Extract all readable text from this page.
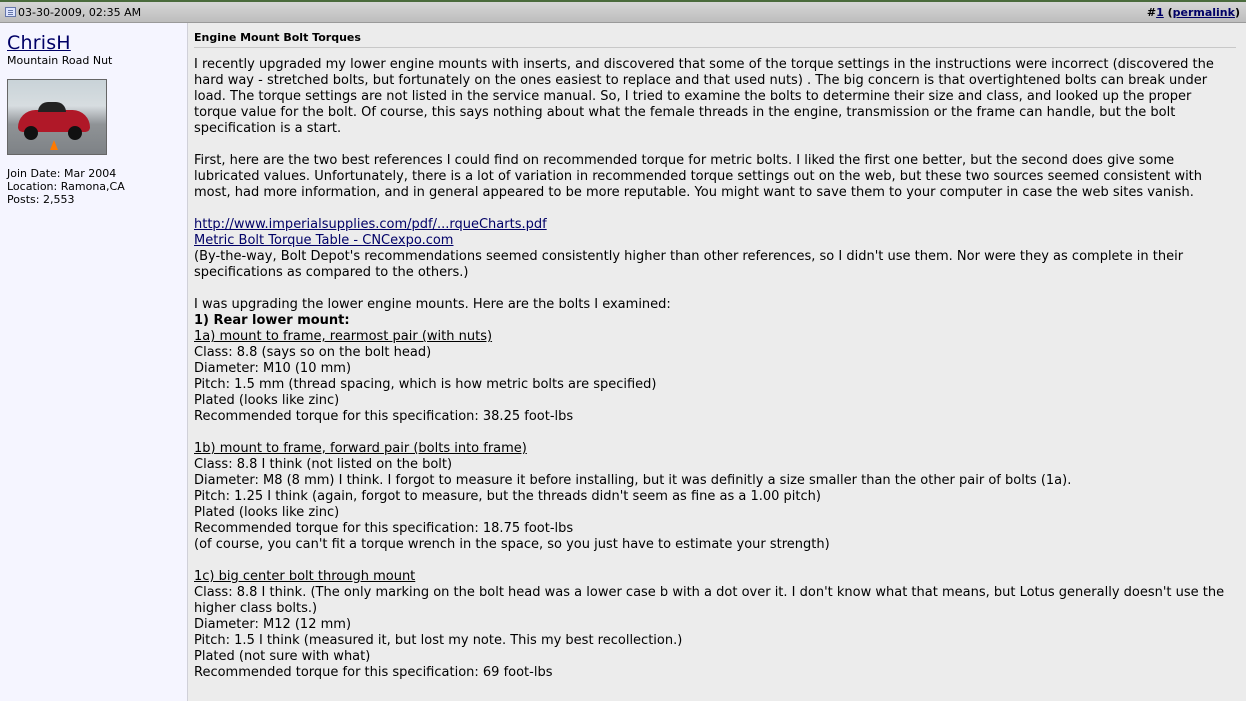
03-30-2009, 02:35 AM	#1 (permalink)
ChrisH
Mountain Road Nut
Join Date: Mar 2004
Location: Ramona,CA
Posts: 2,553
Engine Mount Bolt Torques
I recently upgraded my lower engine mounts with inserts, and discovered that some of the torque settings in the instructions were incorrect (discovered the hard way - stretched bolts, but fortunately on the ones easiest to replace and that used nuts) . The big concern is that overtightened bolts can break under load. The torque settings are not listed in the service manual. So, I tried to examine the bolts to determine their size and class, and looked up the proper torque value for the bolt. Of course, this says nothing about what the female threads in the engine, transmission or the frame can handle, but the bolt specification is a start.
First, here are the two best references I could find on recommended torque for metric bolts. I liked the first one better, but the second does give some lubricated values. Unfortunately, there is a lot of variation in recommended torque settings out on the web, but these two sources seemed consistent with most, had more information, and in general appeared to be more reputable. You might want to save them to your computer in case the web sites vanish.
http://www.imperialsupplies.com/pdf/...rqueCharts.pdf
Metric Bolt Torque Table - CNCexpo.com
(By-the-way, Bolt Depot's recommendations seemed consistently higher than other references, so I didn't use them. Nor were they as complete in their specifications as compared to the others.)
I was upgrading the lower engine mounts. Here are the bolts I examined:
1) Rear lower mount:
1a) mount to frame, rearmost pair (with nuts)
Class: 8.8 (says so on the bolt head)
Diameter: M10 (10 mm)
Pitch: 1.5 mm (thread spacing, which is how metric bolts are specified)
Plated (looks like zinc)
Recommended torque for this specification: 38.25 foot-lbs
1b) mount to frame, forward pair (bolts into frame)
Class: 8.8 I think (not listed on the bolt)
Diameter: M8 (8 mm) I think. I forgot to measure it before installing, but it was definitly a size smaller than the other pair of bolts (1a).
Pitch: 1.25 I think (again, forgot to measure, but the threads didn't seem as fine as a 1.00 pitch)
Plated (looks like zinc)
Recommended torque for this specification: 18.75 foot-lbs
(of course, you can't fit a torque wrench in the space, so you just have to estimate your strength)
1c) big center bolt through mount
Class: 8.8 I think. (The only marking on the bolt head was a lower case b with a dot over it. I don't know what that means, but Lotus generally doesn't use the higher class bolts.)
Diameter: M12 (12 mm)
Pitch: 1.5 I think (measured it, but lost my note. This my best recollection.)
Plated (not sure with what)
Recommended torque for this specification: 69 foot-lbs
